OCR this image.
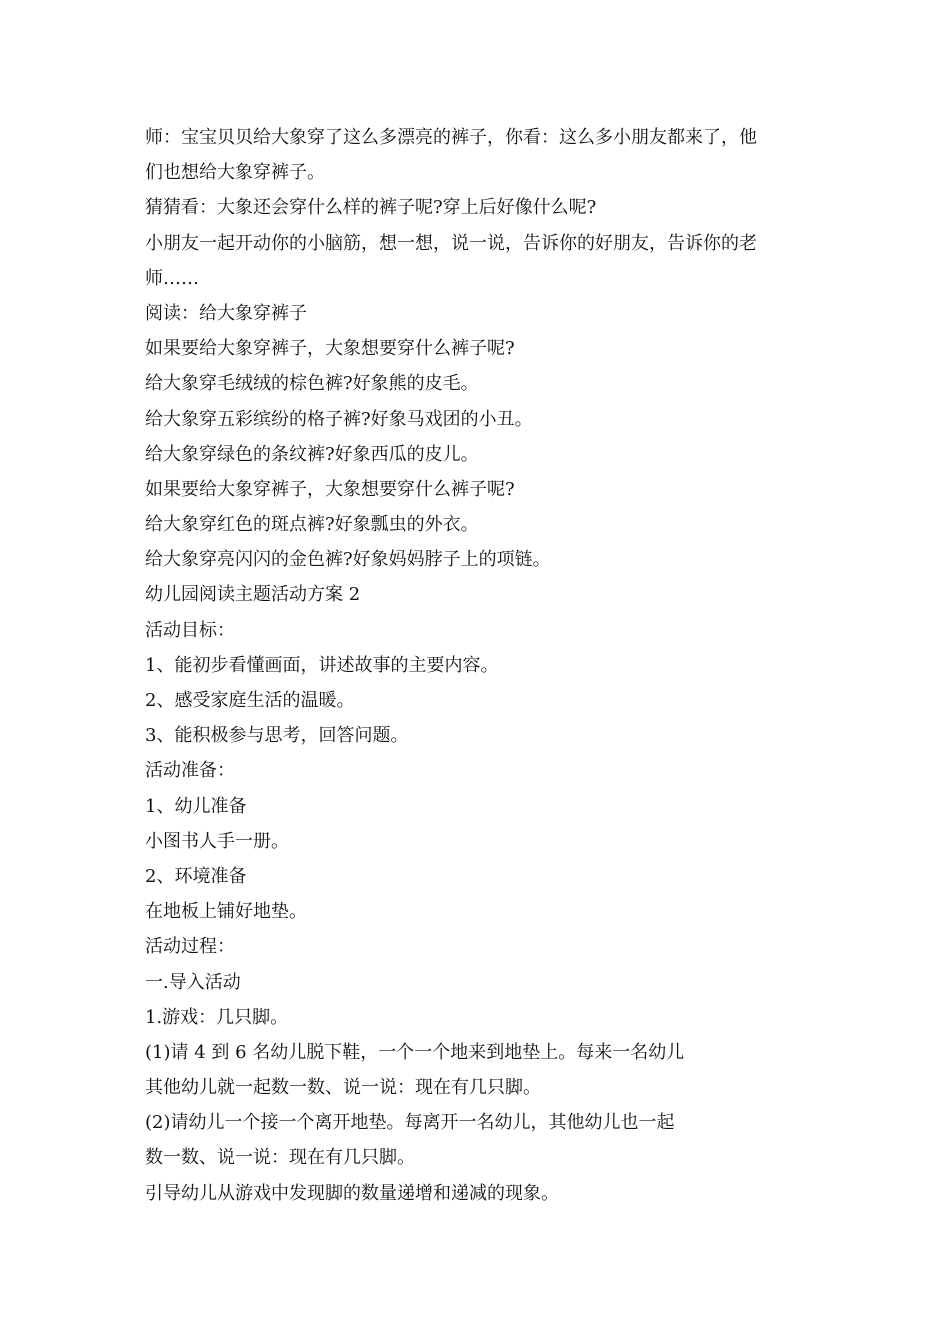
师：宝宝贝贝给大象穿了这么多漂亮的裤子，你看：这么多小朋友都来了，他
们也想给大象穿裤子。
猜猜看：大象还会穿什么样的裤子呢?穿上后好像什么呢?
小朋友一起开动你的小脑筋，想一想，说一说，告诉你的好朋友，告诉你的老
师……
阅读：给大象穿裤子
如果要给大象穿裤子，大象想要穿什么裤子呢?
给大象穿毛绒绒的棕色裤?好象熊的皮毛。
给大象穿五彩缤纷的格子裤?好象马戏团的小丑。
给大象穿绿色的条纹裤?好象西瓜的皮儿。
如果要给大象穿裤子，大象想要穿什么裤子呢?
给大象穿红色的斑点裤?好象瓢虫的外衣。
给大象穿亮闪闪的金色裤?好象妈妈脖子上的项链。
幼儿园阅读主题活动方案 2
活动目标：
1、能初步看懂画面，讲述故事的主要内容。
2、感受家庭生活的温暖。
3、能积极参与思考，回答问题。
活动准备：
1、幼儿准备
小图书人手一册。
2、环境准备
在地板上铺好地垫。
活动过程：
一.导入活动
1.游戏：几只脚。
(1)请 4 到 6 名幼儿脱下鞋，一个一个地来到地垫上。每来一名幼儿
其他幼儿就一起数一数、说一说：现在有几只脚。
(2)请幼儿一个接一个离开地垫。每离开一名幼儿，其他幼儿也一起
数一数、说一说：现在有几只脚。
引导幼儿从游戏中发现脚的数量递增和递减的现象。
